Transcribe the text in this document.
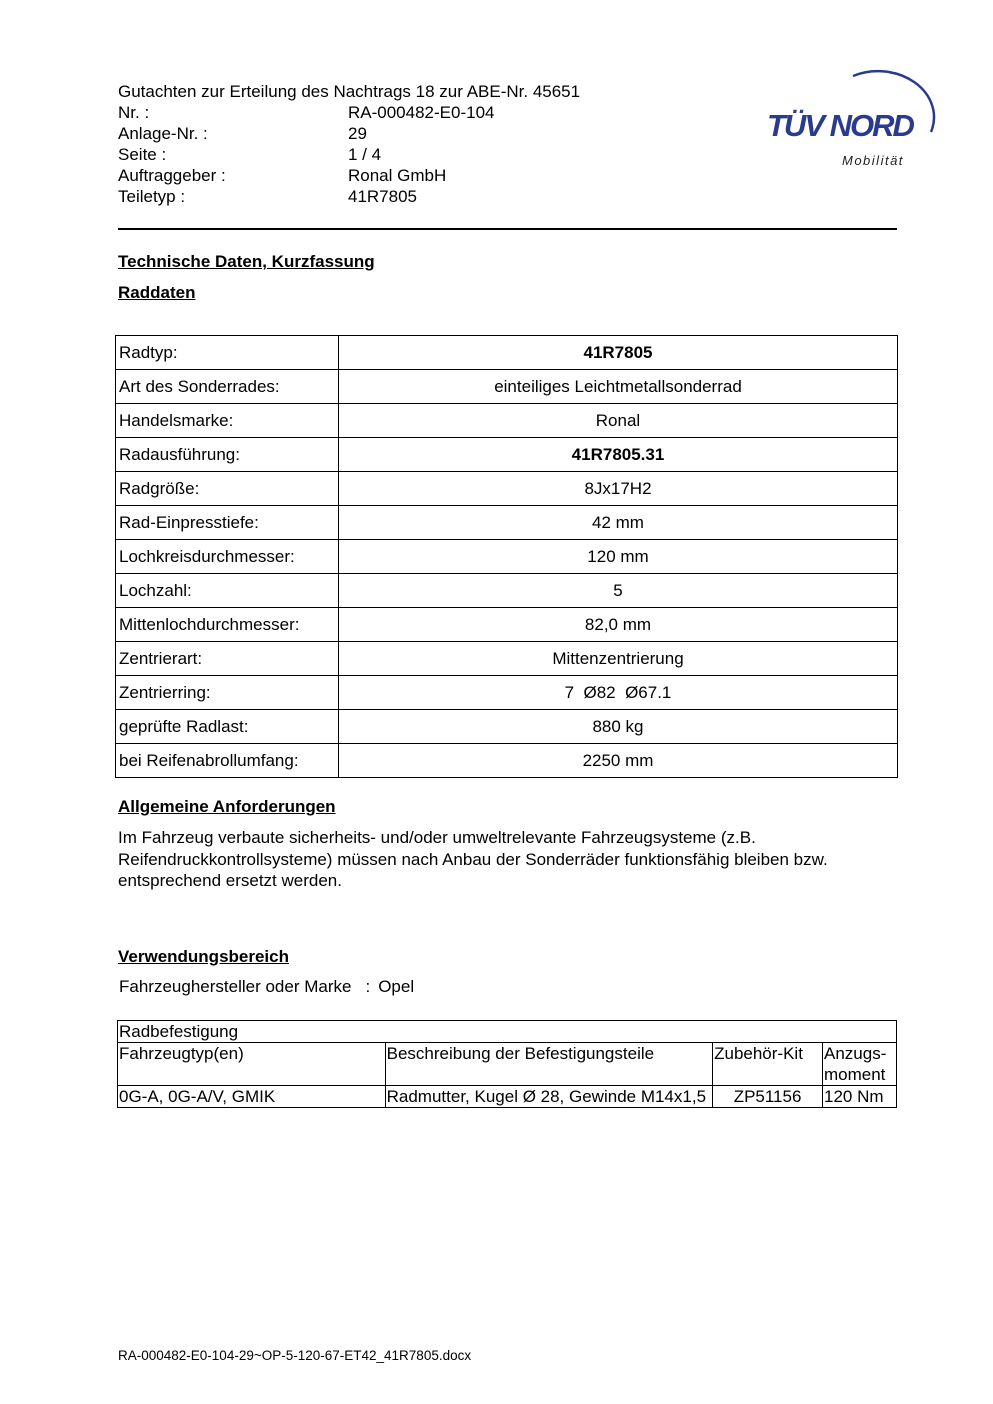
Gutachten zur Erteilung des Nachtrags 18 zur ABE-Nr. 45651
Nr. :	RA-000482-E0-104
Anlage-Nr. :	29
Seite :	1 / 4
Auftraggeber :	Ronal GmbH
Teiletyp :	41R7805
TÜV NORD
Mobilität
Technische Daten, Kurzfassung
Raddaten
Radtyp:	41R7805
Art des Sonderrades:	einteiliges Leichtmetallsonderrad
Handelsmarke:	Ronal
Radausführung:	41R7805.31
Radgröße:	8Jx17H2
Rad-Einpresstiefe:	42 mm
Lochkreisdurchmesser:	120 mm
Lochzahl:	5
Mittenlochdurchmesser:	82,0 mm
Zentrierart:	Mittenzentrierung
Zentrierring:	7  Ø82  Ø67.1
geprüfte Radlast:	880 kg
bei Reifenabrollumfang:	2250 mm
Allgemeine Anforderungen
Im Fahrzeug verbaute sicherheits- und/oder umweltrelevante Fahrzeugsysteme (z.B. Reifendruckkontrollsysteme) müssen nach Anbau der Sonderräder funktionsfähig bleiben bzw. entsprechend ersetzt werden.
Verwendungsbereich
Fahrzeughersteller oder Marke : Opel
Radbefestigung			
Fahrzeugtyp(en)	Beschreibung der Befestigungsteile	Zubehör-Kit	Anzugs-moment
0G-A, 0G-A/V, GMIK	Radmutter, Kugel Ø 28, Gewinde M14x1,5	ZP51156	120 Nm
RA-000482-E0-104-29~OP-5-120-67-ET42_41R7805.docx
